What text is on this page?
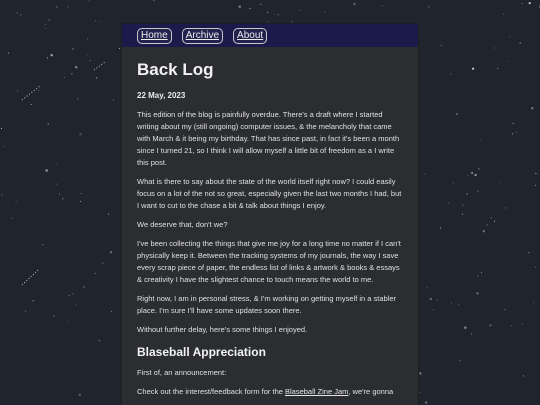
Home	Archive	About
Back Log

22 May, 2023

This edition of the blog is painfully overdue. There's a draft where I started writing about my (still ongoing) computer issues, & the melancholy that came with March & it being my birthday. That has since past, in fact it's been a month since I turned 21, so I think I will allow myself a little bit of freedom as a I write this post.

What is there to say about the state of the world itself right now? I could easily focus on a lot of the not so great, especially given the last two months I had, but I want to cut to the chase a bit & talk about things I enjoy.

We deserve that, don't we?

I've been collecting the things that give me joy for a long time no matter if I can't physically keep it. Between the tracking systems of my journals, the way I save every scrap piece of paper, the endless list of links & artwork & books & essays & creativity I have the slightest chance to touch means the world to me.

Right now, I am in personal stress, & I'm working on getting myself in a stabler place. I'm sure I'll have some updates soon there.

Without further delay, here's some things I enjoyed.

Blaseball Appreciation

First of, an announcement:

Check out the interest/feedback form for the Blaseball Zine Jam, we're gonna
